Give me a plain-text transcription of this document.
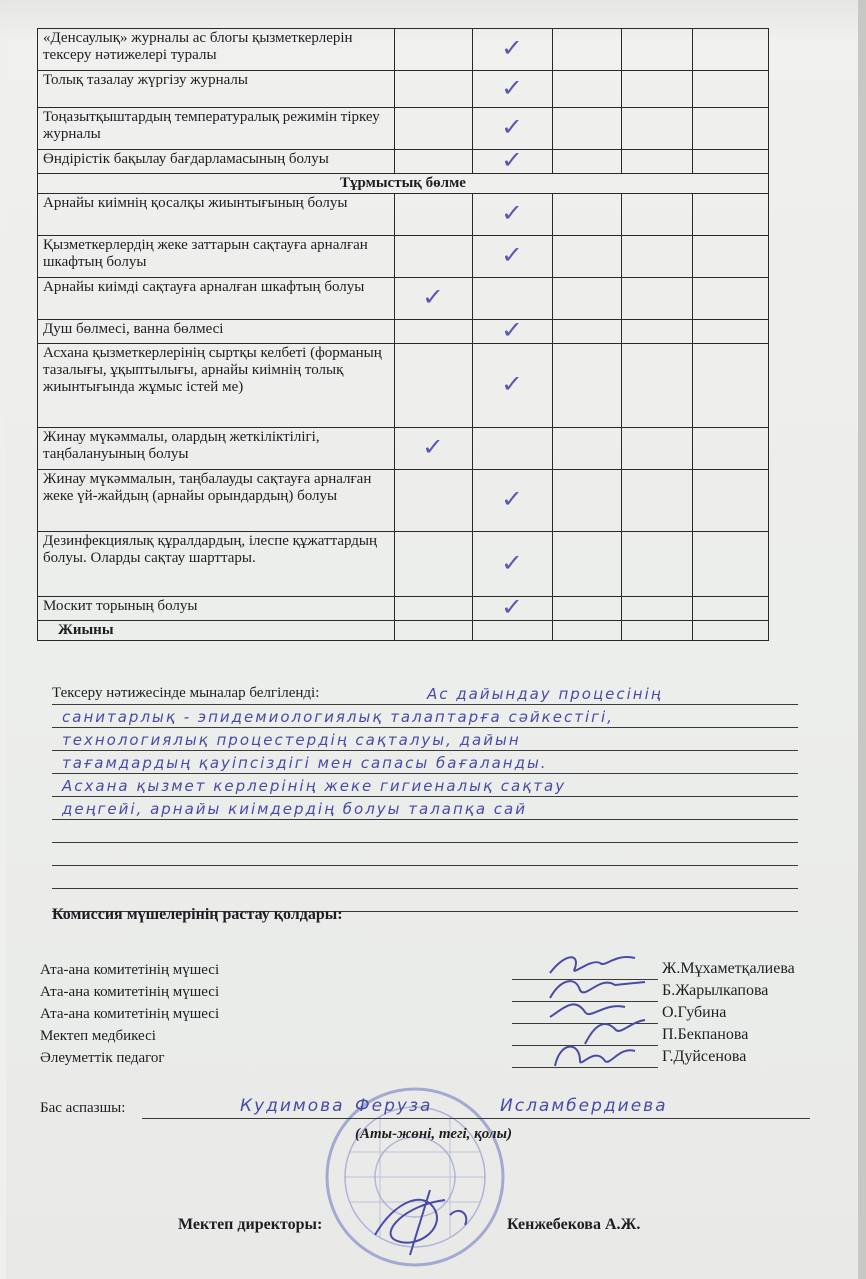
«Денсаулық» журналы ас блогы қызметкерлерін тексеру нәтижелері туралы		✓			
Толық тазалау жүргізу журналы		✓			
Тоңазытқыштардың температуралық режимін тіркеу журналы		✓			
Өндірістік бақылау бағдарламасының болуы		✓			
Тұрмыстық бөлме					
Арнайы киімнің қосалқы жиынтығының болуы		✓			
Қызметкерлердің жеке заттарын сақтауға арналған шкафтың болуы		✓			
Арнайы киімді сақтауға арналған шкафтың болуы	✓				
Душ бөлмесі, ванна бөлмесі		✓			
Асхана қызметкерлерінің сыртқы келбеті (форманың тазалығы, ұқыптылығы, арнайы киімнің толық жиынтығында жұмыс істей ме)		✓			
Жинау мүкәммалы, олардың жеткіліктілігі, таңбалануының болуы	✓				
Жинау мүкәммалын, таңбалауды сақтауға арналған жеке үй-жайдың (арнайы орындардың) болуы		✓			
Дезинфекциялық құралдардың, ілеспе құжаттардың болуы. Оларды сақтау шарттары.		✓			
Москит торының болуы		✓			
Жиыны					
Тексеру нәтижесінде мыналар белгіленді:	Ас дайындау процесінің
санитарлық - эпидемиологиялық талаптарға сәйкестігі,
технологиялық процестердің сақталуы, дайын
тағамдардың қауіпсіздігі мен сапасы бағаланды.
Асхана қызмет керлерінің жеке гигиеналық сақтау
деңгейі, арнайы киімдердің болуы талапқа сай
Комиссия мүшелерінің растау қолдары:
Ата-ана комитетінің мүшесі	Ж.Мұхаметқалиева
Ата-ана комитетінің мүшесі	Б.Жарылкапова
Ата-ана комитетінің мүшесі	О.Губина
Мектеп медбикесі	П.Бекпанова
Әлеуметтік педагог	Г.Дуйсенова
Бас аспазшы:	Кудимова Феруза	Исламбердиева
(Аты-жөні, тегі, қолы)
Мектеп директоры:	Кенжебекова А.Ж.
